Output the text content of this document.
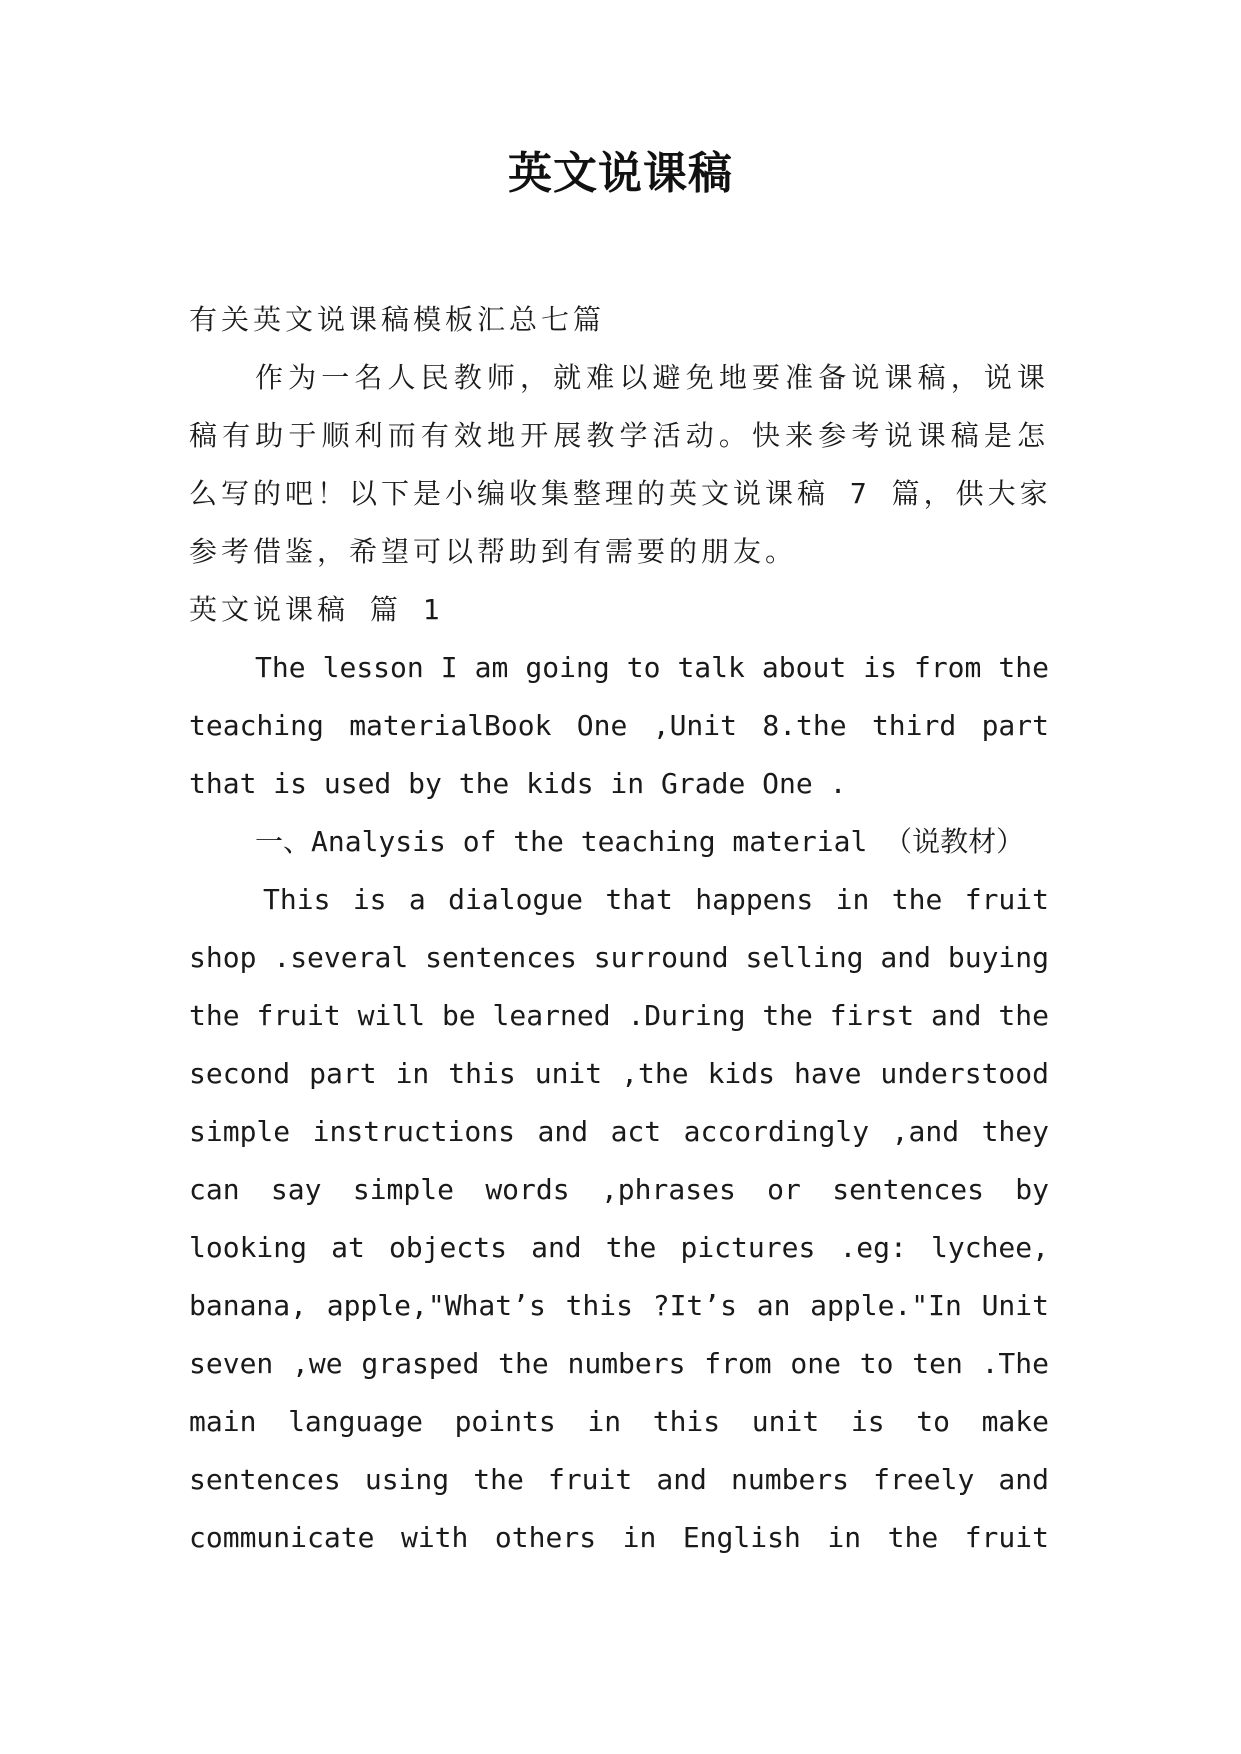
英文说课稿
有关英文说课稿模板汇总七篇
作为一名人民教师，就难以避免地要准备说课稿，说课
稿有助于顺利而有效地开展教学活动。快来参考说课稿是怎
么写的吧！以下是小编收集整理的英文说课稿 7 篇，供大家
参考借鉴，希望可以帮助到有需要的朋友。
英文说课稿 篇 1
The lesson I am going to talk about is from the
teaching materialBook One ,Unit 8.the third part
that is used by the kids in Grade One .
一、Analysis of the teaching material （说教材）
This is a dialogue that happens in the fruit
shop .several sentences surround selling and buying
the fruit will be learned .During the first and the
second part in this unit ,the kids have understood
simple instructions and act accordingly ,and they
can say simple words ,phrases or sentences by
looking at objects and the pictures .eg: lychee,
banana, apple,"What’s this ?It’s an apple."In Unit
seven ,we grasped the numbers from one to ten .The
main language points in this unit is to make
sentences using the fruit and numbers freely and
communicate with others in English in the fruit
